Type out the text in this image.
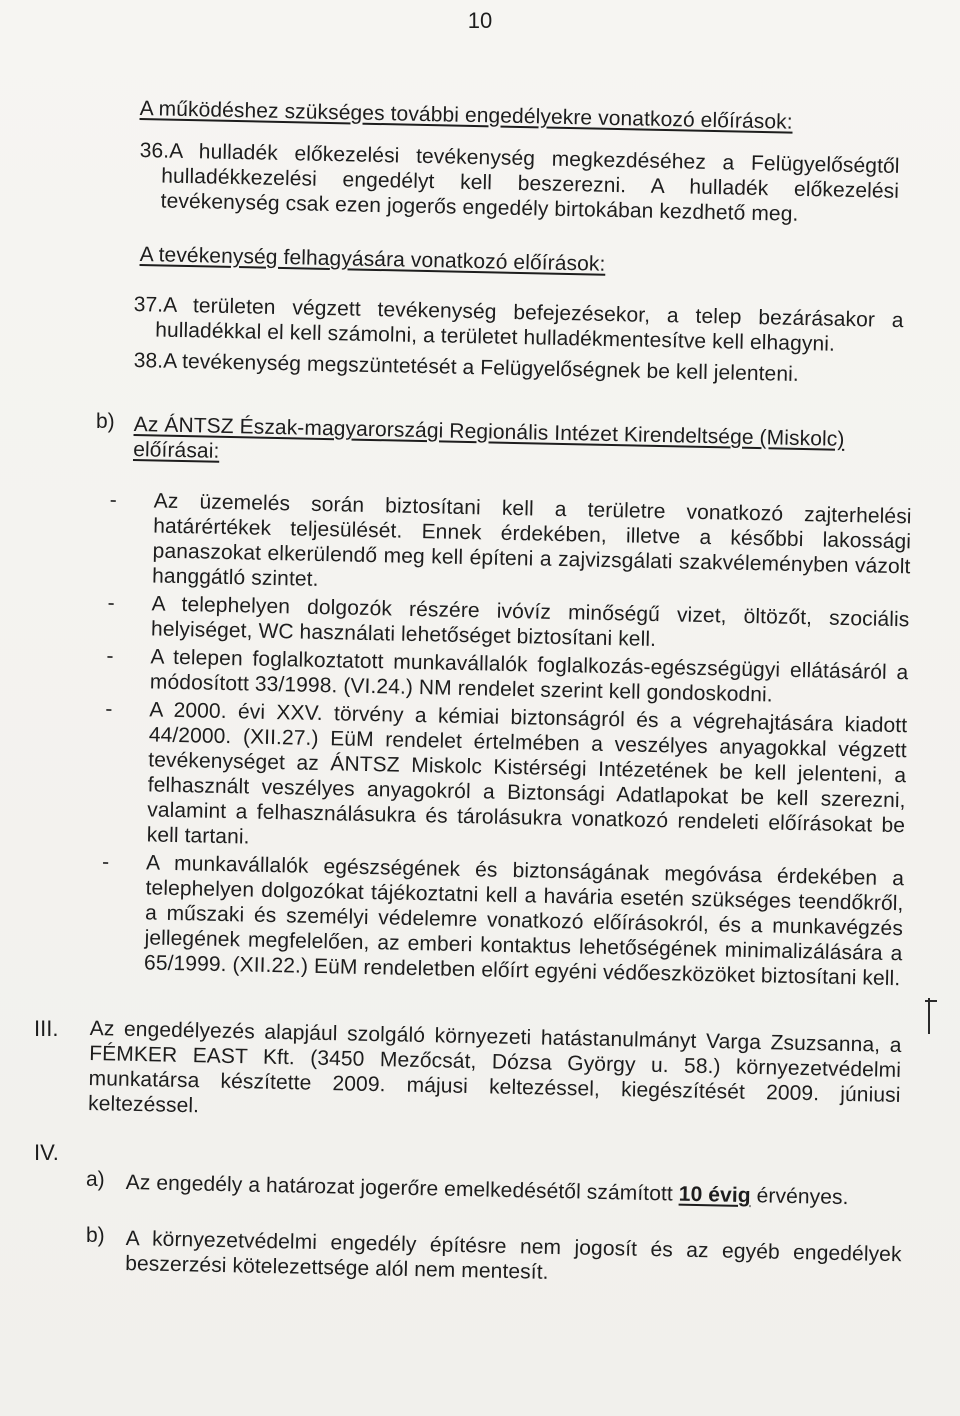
10

A működéshez szükséges további engedélyekre vonatkozó előírások:

36.A hulladék előkezelési tevékenység megkezdéséhez a Felügyelőségtől hulladékkezelési engedélyt kell beszerezni. A hulladék előkezelési tevékenység csak ezen jogerős engedély birtokában kezdhető meg.

A tevékenység felhagyására vonatkozó előírások:

37.A területen végzett tevékenység befejezésekor, a telep bezárásakor a hulladékkal el kell számolni, a területet hulladékmentesítve kell elhagyni.

38.A tevékenység megszüntetését a Felügyelőségnek be kell jelenteni.

b) Az ÁNTSZ Észak-magyarországi Regionális Intézet Kirendeltsége (Miskolc) előírásai:

- Az üzemelés során biztosítani kell a területre vonatkozó zajterhelési határértékek teljesülését. Ennek érdekében, illetve a későbbi lakossági panaszokat elkerülendő meg kell építeni a zajvizsgálati szakvéleményben vázolt hanggátló szintet.

- A telephelyen dolgozók részére ivóvíz minőségű vizet, öltözőt, szociális helyiséget, WC használati lehetőséget biztosítani kell.

- A telepen foglalkoztatott munkavállalók foglalkozás-egészségügyi ellátásáról a módosított 33/1998. (VI.24.) NM rendelet szerint kell gondoskodni.

- A 2000. évi XXV. törvény a kémiai biztonságról és a végrehajtására kiadott 44/2000. (XII.27.) EüM rendelet értelmében a veszélyes anyagokkal végzett tevékenységet az ÁNTSZ Miskolc Kistérségi Intézetének be kell jelenteni, a felhasznált veszélyes anyagokról a Biztonsági Adatlapokat be kell szerezni, valamint a felhasználásukra és tárolásukra vonatkozó rendeleti előírásokat be kell tartani.

- A munkavállalók egészségének és biztonságának megóvása érdekében a telephelyen dolgozókat tájékoztatni kell a havária esetén szükséges teendőkről, a műszaki és személyi védelemre vonatkozó előírásokról, és a munkavégzés jellegének megfelelően, az emberi kontaktus lehetőségének minimalizálására a 65/1999. (XII.22.) EüM rendeletben előírt egyéni védőeszközöket biztosítani kell.

III. Az engedélyezés alapjául szolgáló környezeti hatástanulmányt Varga Zsuzsanna, a FÉMKER EAST Kft. (3450 Mezőcsát, Dózsa György u. 58.) környezetvédelmi munkatársa készítette 2009. májusi keltezéssel, kiegészítését 2009. júniusi keltezéssel.

IV.
a) Az engedély a határozat jogerőre emelkedésétől számított 10 évig érvényes.

b) A környezetvédelmi engedély építésre nem jogosít és az egyéb engedélyek beszerzési kötelezettsége alól nem mentesít.
